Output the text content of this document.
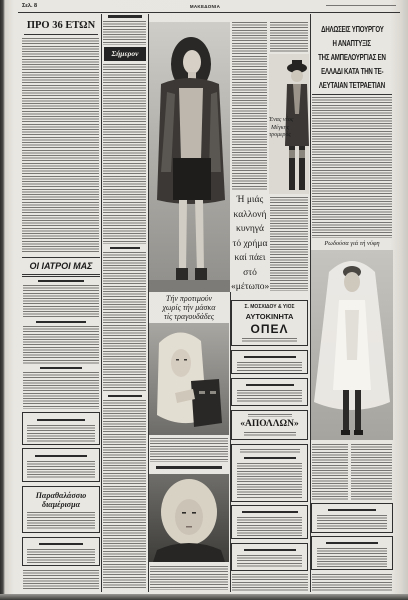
Σελ. 8	ΜΑΚΕΔΟΝΙΑ
ΠΡΟ 36 ΕΤΩΝ
ΟΙ ΙΑΤΡΟΙ ΜΑΣ
Παραθαλάσσιο
διαμέρισμα
Σήμερον
Ή μιάς
καλλονή
κυνηγά
τό χρήμα
καί πάει
στό
«μέτωπο»
Ένας νέος
Μέγκης
τρομερός
ΔΗΛΩΣΕΙΣ ΥΠΟΥΡΓΟΥ
Η ΑΝΑΠΤΥΞΙΣ
ΤΗΣ ΑΜΠΕΛΟΥΡΓΙΑΣ ΕΝ
ΕΛΛΑΔΙ ΚΑΤΑ ΤΗΝ ΤΕ-
ΛΕΥΤΑΙΑΝ ΤΕΤΡΑΕΤΙΑΝ
Ρωδούσα γιά τή νύφη
Τήν προτιμούν
χωρίς τήν μάσκα
τίς τραγουδάδες
Σ. ΜΟΣΧΙΔΟΥ & ΥΙΟΣ
ΑΥΤΟΚΙΝΗΤΑ
ΟΠΕΛ
«ΑΠΟΛΛΩΝ»
